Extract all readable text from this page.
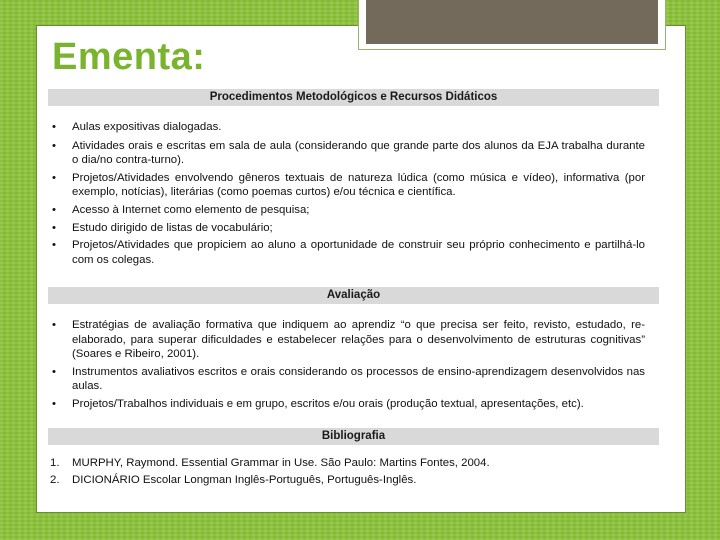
Ementa:
Procedimentos Metodológicos e Recursos Didáticos
• Aulas expositivas dialogadas.
• Atividades orais e escritas em sala de aula (considerando que grande parte dos alunos da EJA trabalha durante o dia/no contra-turno).
• Projetos/Atividades envolvendo gêneros textuais de natureza lúdica (como música e vídeo), informativa (por exemplo, notícias), literárias (como poemas curtos) e/ou técnica e científica.
• Acesso à Internet como elemento de pesquisa;
• Estudo dirigido de listas de vocabulário;
• Projetos/Atividades que propiciem ao aluno a oportunidade de construir seu próprio conhecimento e partilhá-lo com os colegas.
Avaliação
• Estratégias de avaliação formativa que indiquem ao aprendiz “o que precisa ser feito, revisto, estudado, re-elaborado, para superar dificuldades e estabelecer relações para o desenvolvimento de estruturas cognitivas” (Soares e Ribeiro, 2001).
• Instrumentos avaliativos escritos e orais considerando os processos de ensino-aprendizagem desenvolvidos nas aulas.
• Projetos/Trabalhos individuais e em grupo, escritos e/ou orais (produção textual, apresentações, etc).
Bibliografia
1. MURPHY, Raymond. Essential Grammar in Use. São Paulo: Martins Fontes, 2004.
2. DICIONÁRIO Escolar Longman Inglês-Português, Português-Inglês.
